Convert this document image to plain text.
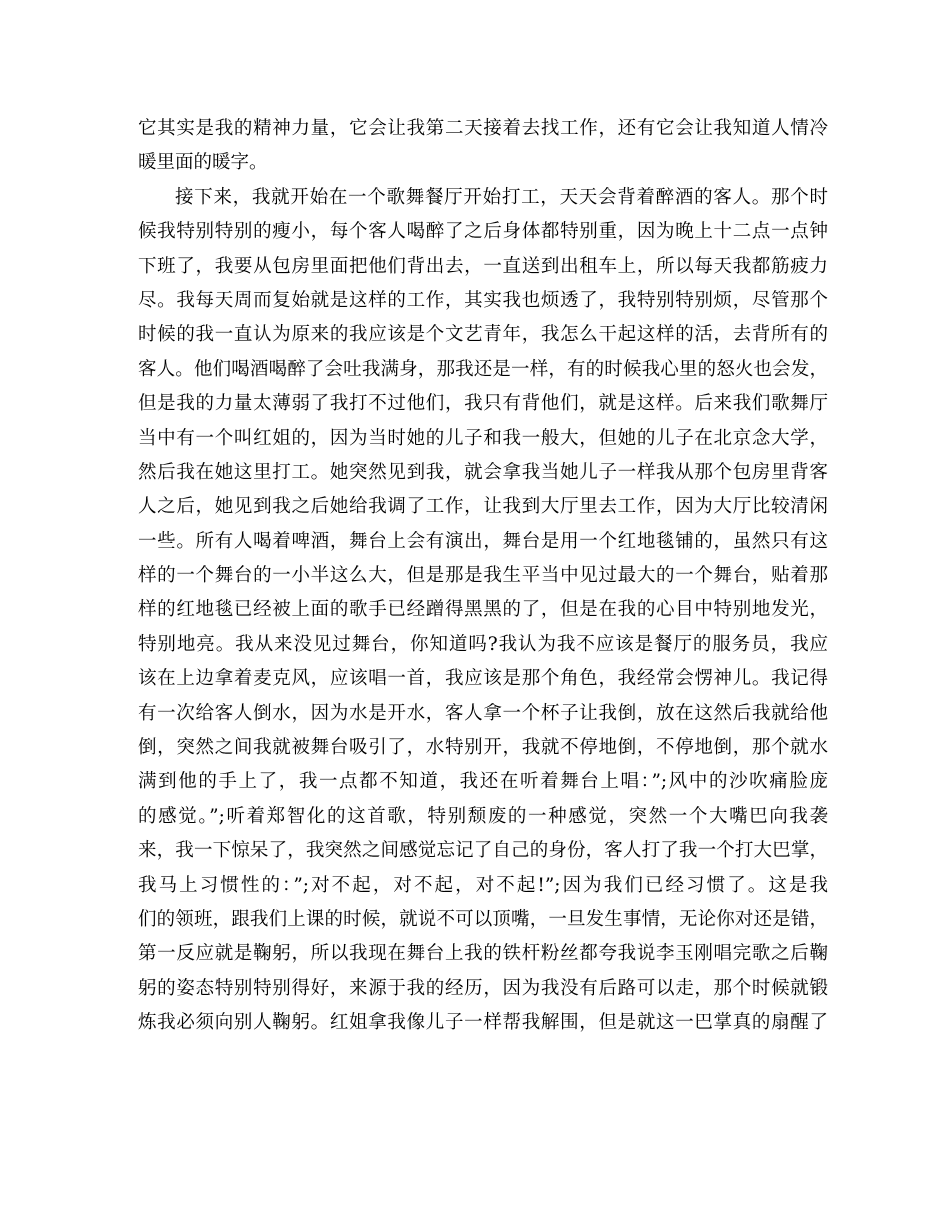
它其实是我的精神力量，它会让我第二天接着去找工作，还有它会让我知道人情冷
暖里面的暖字。
接下来，我就开始在一个歌舞餐厅开始打工，天天会背着醉酒的客人。那个时
候我特别特别的瘦小，每个客人喝醉了之后身体都特别重，因为晚上十二点一点钟
下班了，我要从包房里面把他们背出去，一直送到出租车上，所以每天我都筋疲力
尽。我每天周而复始就是这样的工作，其实我也烦透了，我特别特别烦，尽管那个
时候的我一直认为原来的我应该是个文艺青年，我怎么干起这样的活，去背所有的
客人。他们喝酒喝醉了会吐我满身，那我还是一样，有的时候我心里的怒火也会发，
但是我的力量太薄弱了我打不过他们，我只有背他们，就是这样。后来我们歌舞厅
当中有一个叫红姐的，因为当时她的儿子和我一般大，但她的儿子在北京念大学，
然后我在她这里打工。她突然见到我，就会拿我当她儿子一样我从那个包房里背客
人之后，她见到我之后她给我调了工作，让我到大厅里去工作，因为大厅比较清闲
一些。所有人喝着啤酒，舞台上会有演出，舞台是用一个红地毯铺的，虽然只有这
样的一个舞台的一小半这么大，但是那是我生平当中见过最大的一个舞台，贴着那
样的红地毯已经被上面的歌手已经蹭得黑黑的了，但是在我的心目中特别地发光，
特别地亮。我从来没见过舞台，你知道吗?我认为我不应该是餐厅的服务员，我应
该在上边拿着麦克风，应该唱一首，我应该是那个角色，我经常会愣神儿。我记得
有一次给客人倒水，因为水是开水，客人拿一个杯子让我倒，放在这然后我就给他
倒，突然之间我就被舞台吸引了，水特别开，我就不停地倒，不停地倒，那个就水
满到他的手上了，我一点都不知道，我还在听着舞台上唱：”;风中的沙吹痛脸庞
的感觉。”;听着郑智化的这首歌，特别颓废的一种感觉，突然一个大嘴巴向我袭
来，我一下惊呆了，我突然之间感觉忘记了自己的身份，客人打了我一个打大巴掌，
我马上习惯性的：”;对不起，对不起，对不起!”;因为我们已经习惯了。这是我
们的领班，跟我们上课的时候，就说不可以顶嘴，一旦发生事情，无论你对还是错，
第一反应就是鞠躬，所以我现在舞台上我的铁杆粉丝都夸我说李玉刚唱完歌之后鞠
躬的姿态特别特别得好，来源于我的经历，因为我没有后路可以走，那个时候就锻
炼我必须向别人鞠躬。红姐拿我像儿子一样帮我解围，但是就这一巴掌真的扇醒了
